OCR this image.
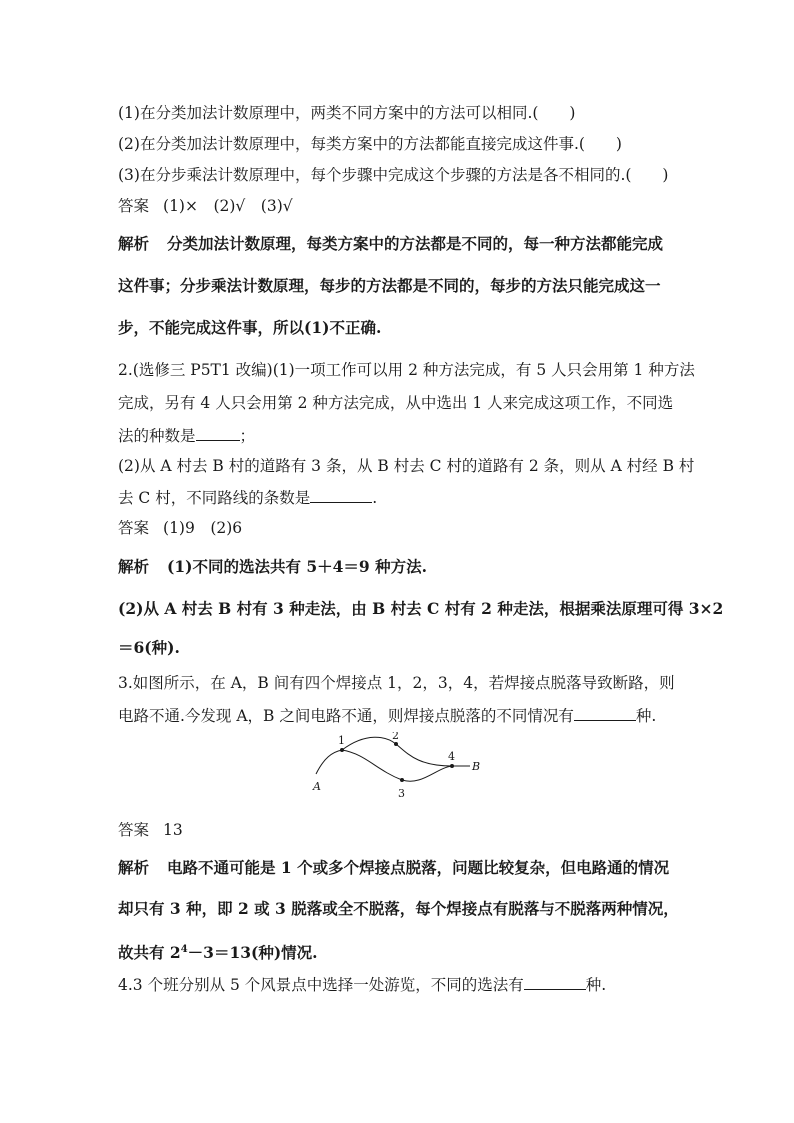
(1)在分类加法计数原理中，两类不同方案中的方法可以相同.(　　)
(2)在分类加法计数原理中，每类方案中的方法都能直接完成这件事.(　　)
(3)在分步乘法计数原理中，每个步骤中完成这个步骤的方法是各不相同的.(　　)
答案 (1)×　(2)√　(3)√
解析 分类加法计数原理，每类方案中的方法都是不同的，每一种方法都能完成
这件事；分步乘法计数原理，每步的方法都是不同的，每步的方法只能完成这一
步，不能完成这件事，所以(1)不正确.
2.(选修三 P5T1 改编)(1)一项工作可以用 2 种方法完成，有 5 人只会用第 1 种方法
完成，另有 4 人只会用第 2 种方法完成，从中选出 1 人来完成这项工作，不同选
法的种数是	；
(2)从 A 村去 B 村的道路有 3 条，从 B 村去 C 村的道路有 2 条，则从 A 村经 B 村
去 C 村，不同路线的条数是	.
答案 (1)9　(2)6
解析 (1)不同的选法共有 5＋4＝9 种方法.
(2)从 A 村去 B 村有 3 种走法，由 B 村去 C 村有 2 种走法，根据乘法原理可得 3×2
＝6(种).
3.如图所示，在 A，B 间有四个焊接点 1，2，3，4，若焊接点脱落导致断路，则
电路不通.今发现 A，B 之间电路不通，则焊接点脱落的不同情况有	种.
A
B
1	2
3
4
答案 13
解析 电路不通可能是 1 个或多个焊接点脱落，问题比较复杂，但电路通的情况
却只有 3 种，即 2 或 3 脱落或全不脱落，每个焊接点有脱落与不脱落两种情况，
故共有 $2^4-3=13$(种)情况.
4.3 个班分别从 5 个风景点中选择一处游览，不同的选法有	种.
